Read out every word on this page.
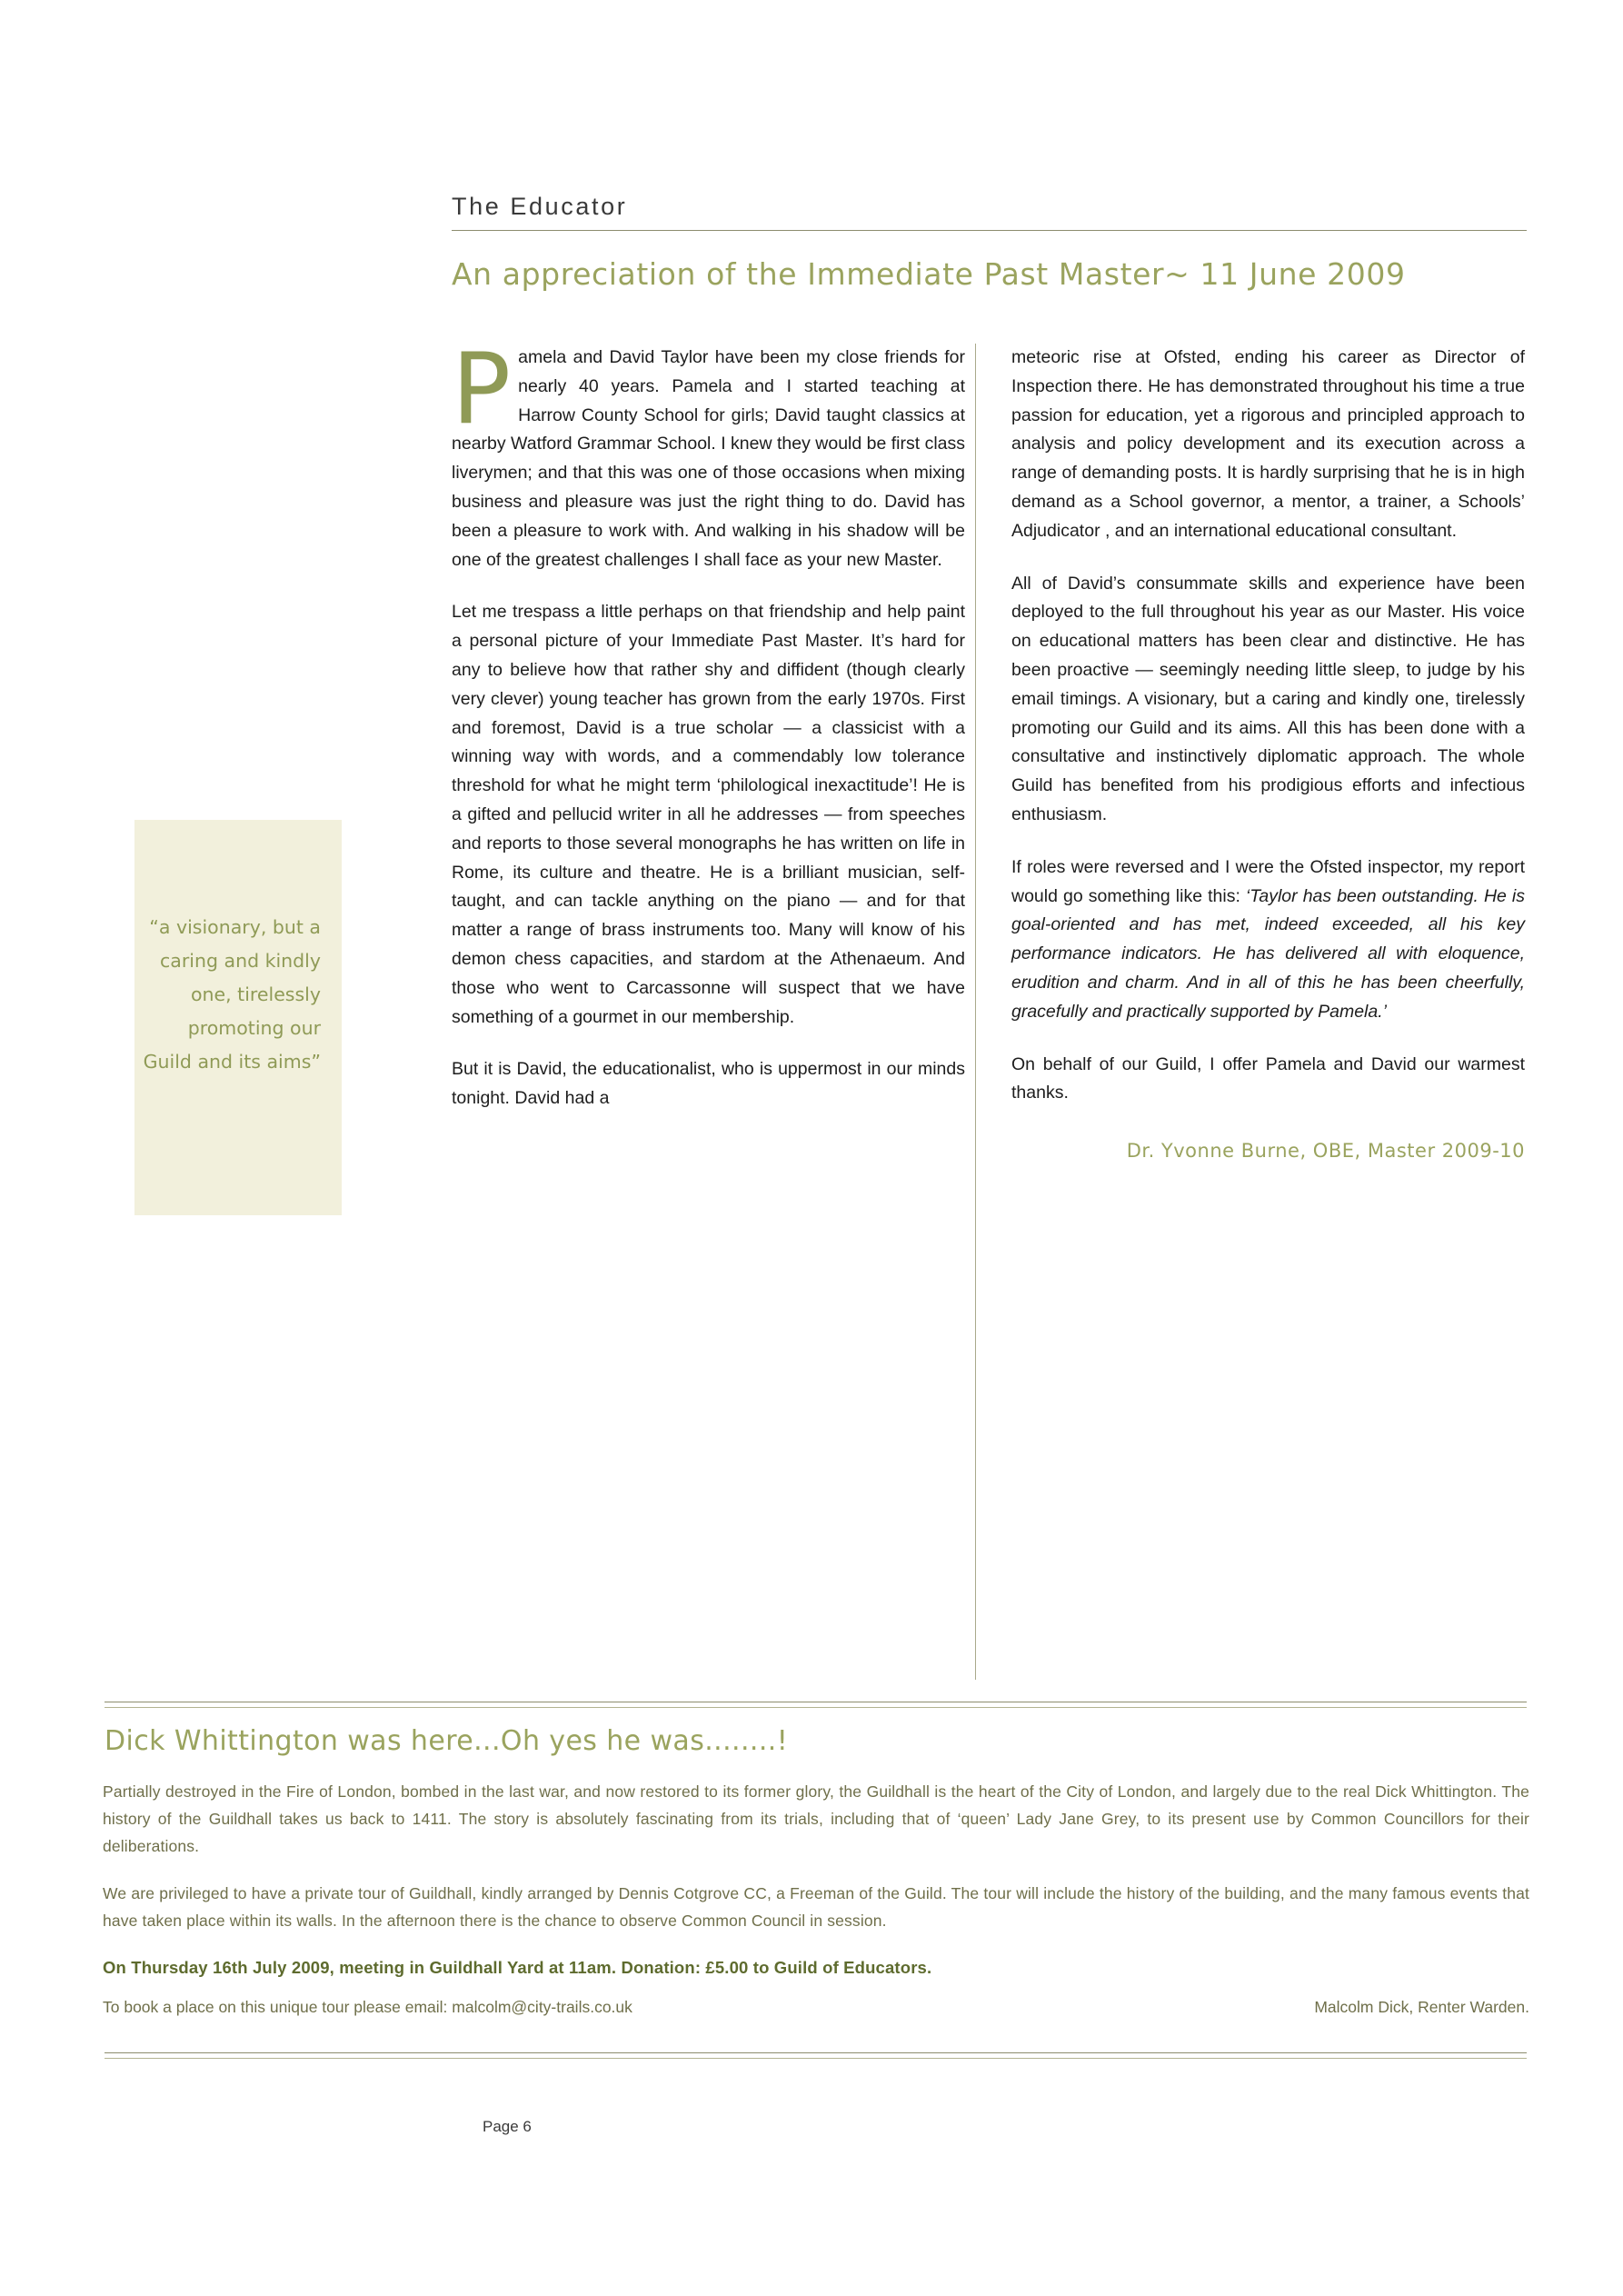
The Educator
An appreciation of the Immediate Past Master~ 11 June 2009
“a visionary, but a caring and kindly one, tirelessly promoting our Guild and its aims”

P amela and David Taylor have been my close friends for nearly 40 years. Pamela and I started teaching at Harrow County School for girls; David taught classics at nearby Watford Grammar School. I knew they would be first class liverymen; and that this was one of those occasions when mixing business and pleasure was just the right thing to do. David has been a pleasure to work with. And walking in his shadow will be one of the greatest challenges I shall face as your new Master.

Let me trespass a little perhaps on that friendship and help paint a personal picture of your Immediate Past Master. It’s hard for any to believe how that rather shy and diffident (though clearly very clever) young teacher has grown from the early 1970s. First and foremost, David is a true scholar — a classicist with a winning way with words, and a commendably low tolerance threshold for what he might term ‘philological inexactitude’! He is a gifted and pellucid writer in all he addresses — from speeches and reports to those several monographs he has written on life in Rome, its culture and theatre. He is a brilliant musician, self-taught, and can tackle anything on the piano — and for that matter a range of brass instruments too. Many will know of his demon chess capacities, and stardom at the Athenaeum. And those who went to Carcassonne will suspect that we have something of a gourmet in our membership.

But it is David, the educationalist, who is uppermost in our minds tonight. David had a

meteoric rise at Ofsted, ending his career as Director of Inspection there. He has demonstrated throughout his time a true passion for education, yet a rigorous and principled approach to analysis and policy development and its execution across a range of demanding posts. It is hardly surprising that he is in high demand as a School governor, a mentor, a trainer, a Schools’ Adjudicator , and an international educational consultant.

All of David’s consummate skills and experience have been deployed to the full throughout his year as our Master. His voice on educational matters has been clear and distinctive. He has been proactive — seemingly needing little sleep, to judge by his email timings. A visionary, but a caring and kindly one, tirelessly promoting our Guild and its aims. All this has been done with a consultative and instinctively diplomatic approach. The whole Guild has benefited from his prodigious efforts and infectious enthusiasm.

If roles were reversed and I were the Ofsted inspector, my report would go something like this: ‘Taylor has been outstanding. He is goal-oriented and has met, indeed exceeded, all his key performance indicators. He has delivered all with eloquence, erudition and charm. And in all of this he has been cheerfully, gracefully and practically supported by Pamela.’

On behalf of our Guild, I offer Pamela and David our warmest thanks.

Dr. Yvonne Burne, OBE, Master 2009-10
Dick Whittington was here...Oh yes he was........!

Partially destroyed in the Fire of London, bombed in the last war, and now restored to its former glory, the Guildhall is the heart of the City of London, and largely due to the real Dick Whittington. The history of the Guildhall takes us back to 1411. The story is absolutely fascinating from its trials, including that of ‘queen’ Lady Jane Grey, to its present use by Common Councillors for their deliberations.

We are privileged to have a private tour of Guildhall, kindly arranged by Dennis Cotgrove CC, a Freeman of the Guild. The tour will include the history of the building, and the many famous events that have taken place within its walls. In the afternoon there is the chance to observe Common Council in session.

On Thursday 16th July 2009, meeting in Guildhall Yard at 11am. Donation: £5.00 to Guild of Educators.

To book a place on this unique tour please email: malcolm@city-trails.co.uk	Malcolm Dick, Renter Warden.
Page 6
